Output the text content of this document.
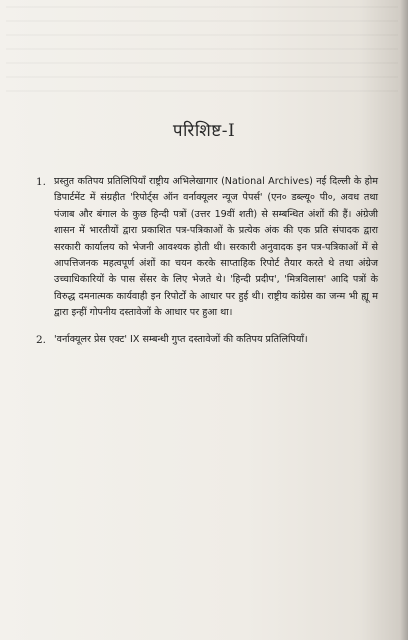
परिशिष्ट-I
1. प्रस्तुत कतिपय प्रतिलिपियाँ राष्ट्रीय अभिलेखागार (National Archives) नई दिल्ली के होम डिपार्टमेंट में संग्रहीत 'रिपोर्ट्स ऑन वर्नाक्यूलर न्यूज पेपर्स' (एन० डब्ल्यू० पी०, अवध तथा पंजाब और बंगाल के कुछ हिन्दी पत्रों (उत्तर 19वीं शती) से सम्बन्धित अंशों की हैं। अंग्रेजी शासन में भारतीयों द्वारा प्रकाशित पत्र-पत्रिकाओं के प्रत्येक अंक की एक प्रति संपादक द्वारा सरकारी कार्यालय को भेजनी आवश्यक होती थी। सरकारी अनुवादक इन पत्र-पत्रिकाओं में से आपत्तिजनक महत्वपूर्ण अंशों का चयन करके साप्ताहिक रिपोर्ट तैयार करते थे तथा अंग्रेज उच्चाधिकारियों के पास सेंसर के लिए भेजते थे। 'हिन्दी प्रदीप', 'मित्रविलास' आदि पत्रों के विरुद्ध दमनात्मक कार्यवाही इन रिपोर्टों के आधार पर हुई थी। राष्ट्रीय कांग्रेस का जन्म भी ह्यू म द्वारा इन्हीं गोपनीय दस्तावेजों के आधार पर हुआ था।
2. 'वर्नाक्यूलर प्रेस एक्ट' IX सम्बन्धी गुप्त दस्तावेजों की कतिपय प्रतिलिपियाँ।
